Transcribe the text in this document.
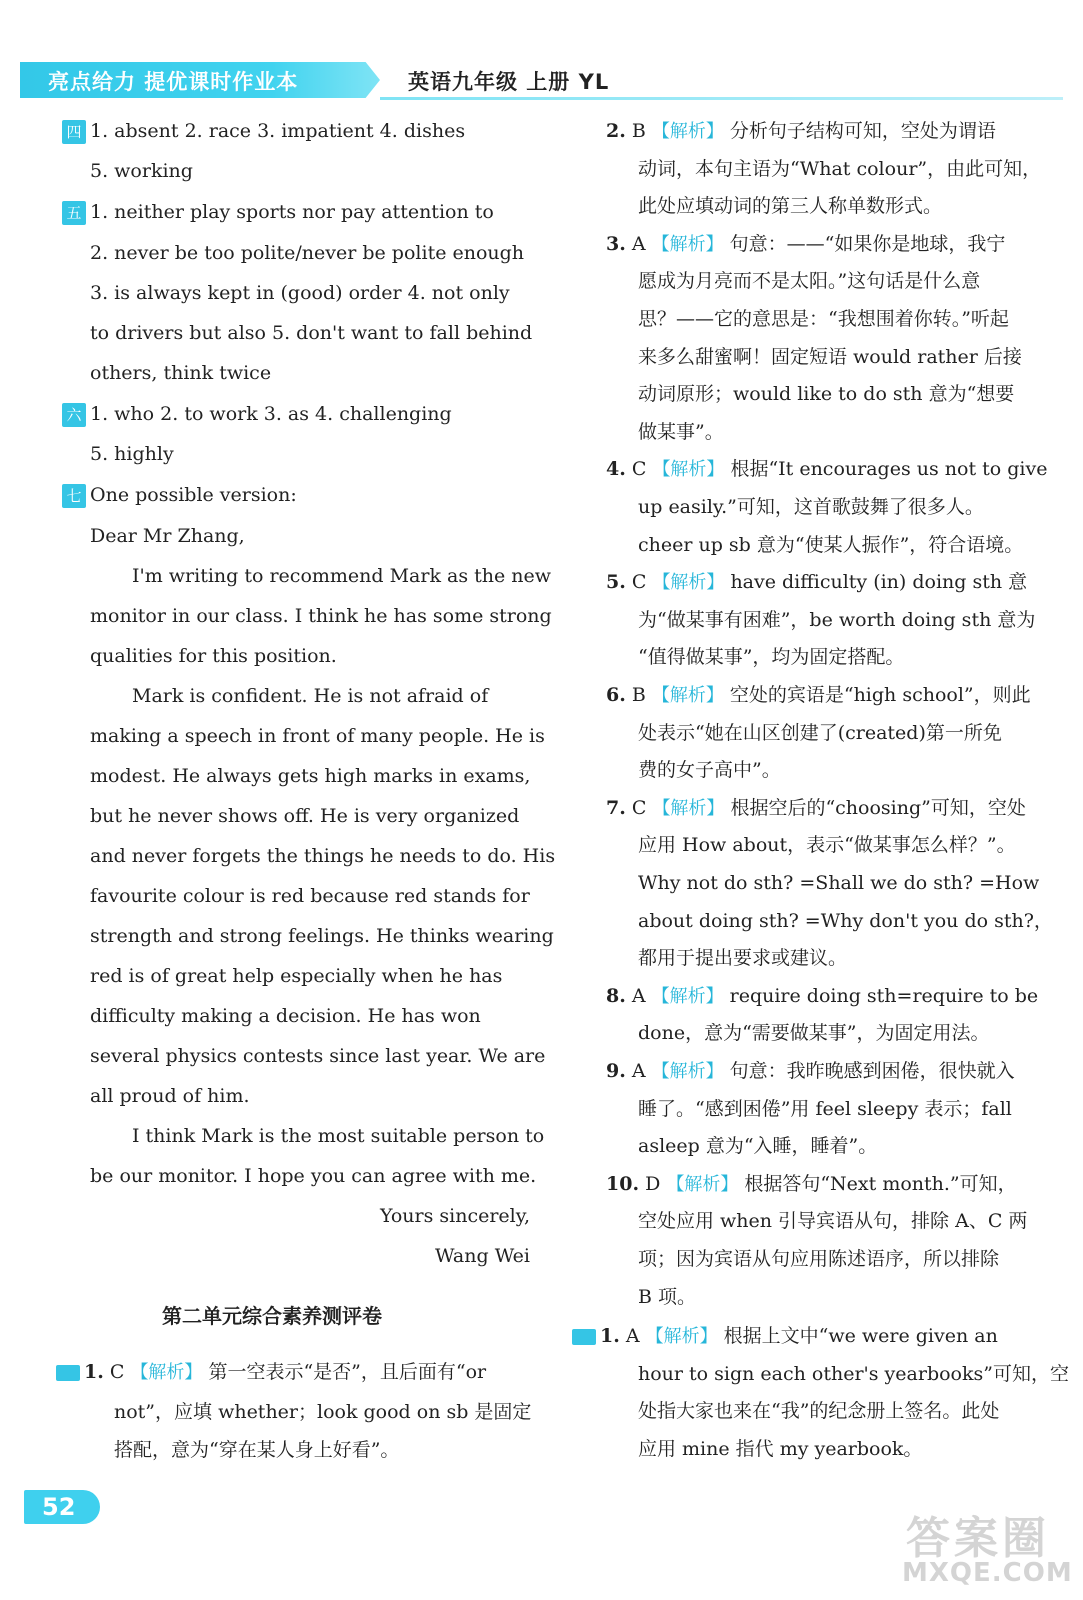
亮点给力 提优课时作业本	英语九年级 上册 YL
四 1. absent 2. race 3. impatient 4. dishes
5. working
五 1. neither play sports nor pay attention to
2. never be too polite/never be polite enough
3. is always kept in (good) order 4. not only
to drivers but also 5. don't want to fall behind
others, think twice
六 1. who 2. to work 3. as 4. challenging
5. highly
七 One possible version:
Dear Mr Zhang,
I'm writing to recommend Mark as the new
monitor in our class. I think he has some strong
qualities for this position.
Mark is confident. He is not afraid of
making a speech in front of many people. He is
modest. He always gets high marks in exams,
but he never shows off. He is very organized
and never forgets the things he needs to do. His
favourite colour is red because red stands for
strength and strong feelings. He thinks wearing
red is of great help especially when he has
difficulty making a decision. He has won
several physics contests since last year. We are
all proud of him.
I think Mark is the most suitable person to
be our monitor. I hope you can agree with me.
Yours sincerely,
Wang Wei
第二单元综合素养测评卷
1. C 【解析】 第一空表示“是否”，且后面有“or
not”，应填 whether；look good on sb 是固定
搭配，意为“穿在某人身上好看”。
2. B 【解析】 分析句子结构可知，空处为谓语
动词，本句主语为“What colour”，由此可知，
此处应填动词的第三人称单数形式。
3. A 【解析】 句意：——“如果你是地球，我宁
愿成为月亮而不是太阳。”这句话是什么意
思？——它的意思是：“我想围着你转。”听起
来多么甜蜜啊！固定短语 would rather 后接
动词原形；would like to do sth 意为“想要
做某事”。
4. C 【解析】 根据“It encourages us not to give
up easily.”可知，这首歌鼓舞了很多人。
cheer up sb 意为“使某人振作”，符合语境。
5. C 【解析】 have difficulty (in) doing sth 意
为“做某事有困难”，be worth doing sth 意为
“值得做某事”，均为固定搭配。
6. B 【解析】 空处的宾语是“high school”，则此
处表示“她在山区创建了(created)第一所免
费的女子高中”。
7. C 【解析】 根据空后的“choosing”可知，空处
应用 How about，表示“做某事怎么样？”。
Why not do sth? =Shall we do sth? =How
about doing sth? =Why don't you do sth?，
都用于提出要求或建议。
8. A 【解析】 require doing sth=require to be
done，意为“需要做某事”，为固定用法。
9. A 【解析】 句意：我昨晚感到困倦，很快就入
睡了。“感到困倦”用 feel sleepy 表示；fall
asleep 意为“入睡，睡着”。
10. D 【解析】 根据答句“Next month.”可知，
空处应用 when 引导宾语从句，排除 A、C 两
项；因为宾语从句应用陈述语序，所以排除
B 项。
1. A 【解析】 根据上文中“we were given an
hour to sign each other's yearbooks”可知，空
处指大家也来在“我”的纪念册上签名。此处
应用 mine 指代 my yearbook。
52
答案圈
MXQE.COM
